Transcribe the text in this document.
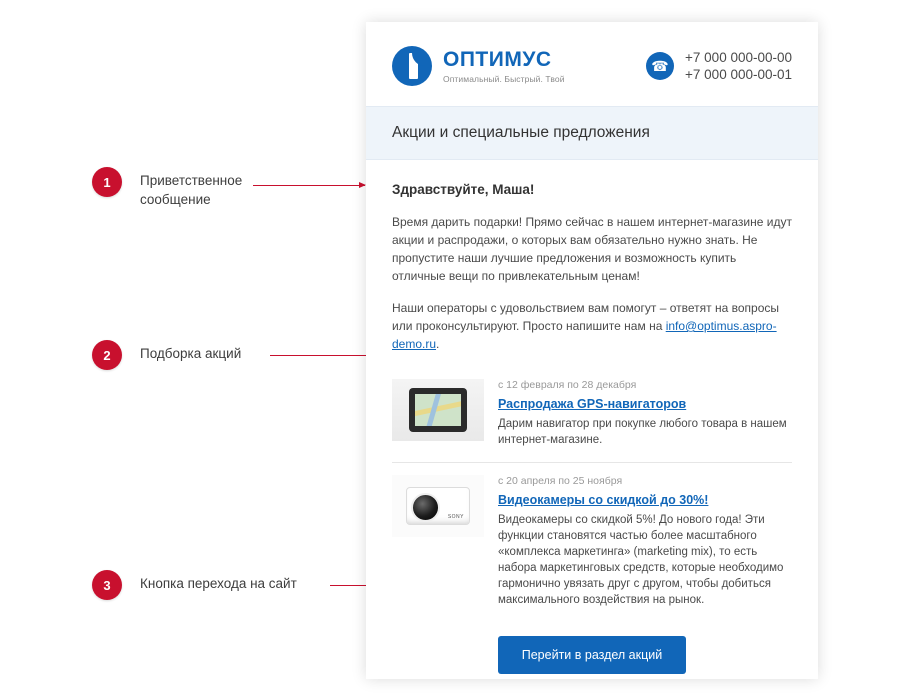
1	Приветственное
сообщение
2	Подборка акций
3	Кнопка перехода на сайт
ОПТИМУС
Оптимальный. Быстрый. Твой
☎	+7 000 000-00-00
+7 000 000-00-01
Акции и специальные предложения
Здравствуйте, Маша!
Время дарить подарки! Прямо сейчас в нашем интернет-магазине идут акции и распродажи, о которых вам обязательно нужно знать. Не пропустите наши лучшие предложения и возможность купить отличные вещи по привлекательным ценам!
Наши операторы с удовольствием вам помогут – ответят на вопросы или проконсультируют. Просто напишите нам на info@optimus.aspro-demo.ru.
с 12 февраля по 28 декабря
Распродажа GPS-навигаторов
Дарим навигатор при покупке любого товара в нашем интернет-магазине.
SONY
с 20 апреля по 25 ноября
Видеокамеры со скидкой до 30%!
Видеокамеры со скидкой 5%! До нового года! Эти функции становятся частью более масштабного «комплекса маркетинга» (marketing mix), то есть набора маркетинговых средств, которые необходимо гармонично увязать друг с другом, чтобы добиться максимального воздействия на рынок.
Перейти в раздел акций
